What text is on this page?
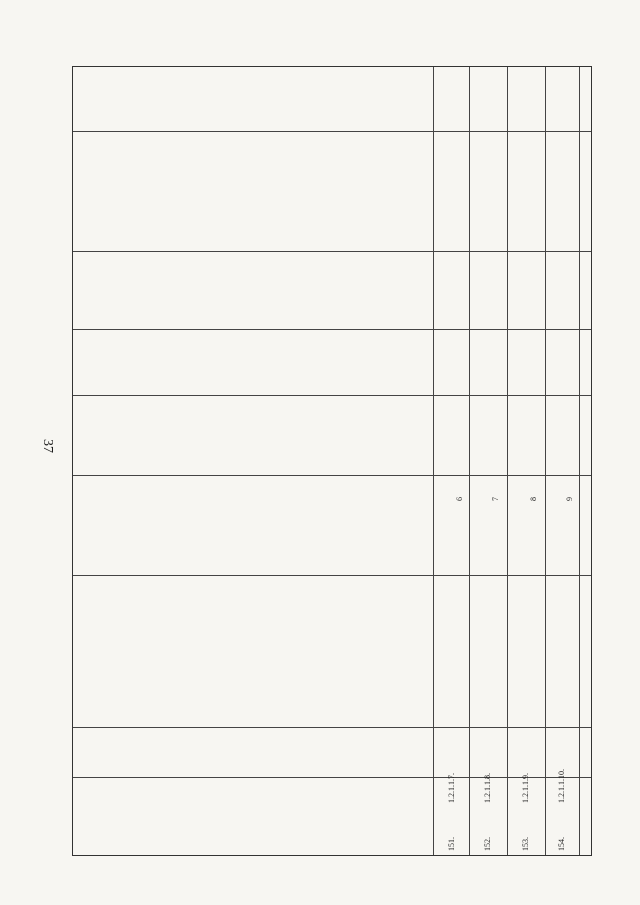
37
151.
1.2.1.1.7.
6
152.
1.2.1.1.8.
7
153.
1.2.1.1.9.
8
154.
1.2.1.1.10.
9
